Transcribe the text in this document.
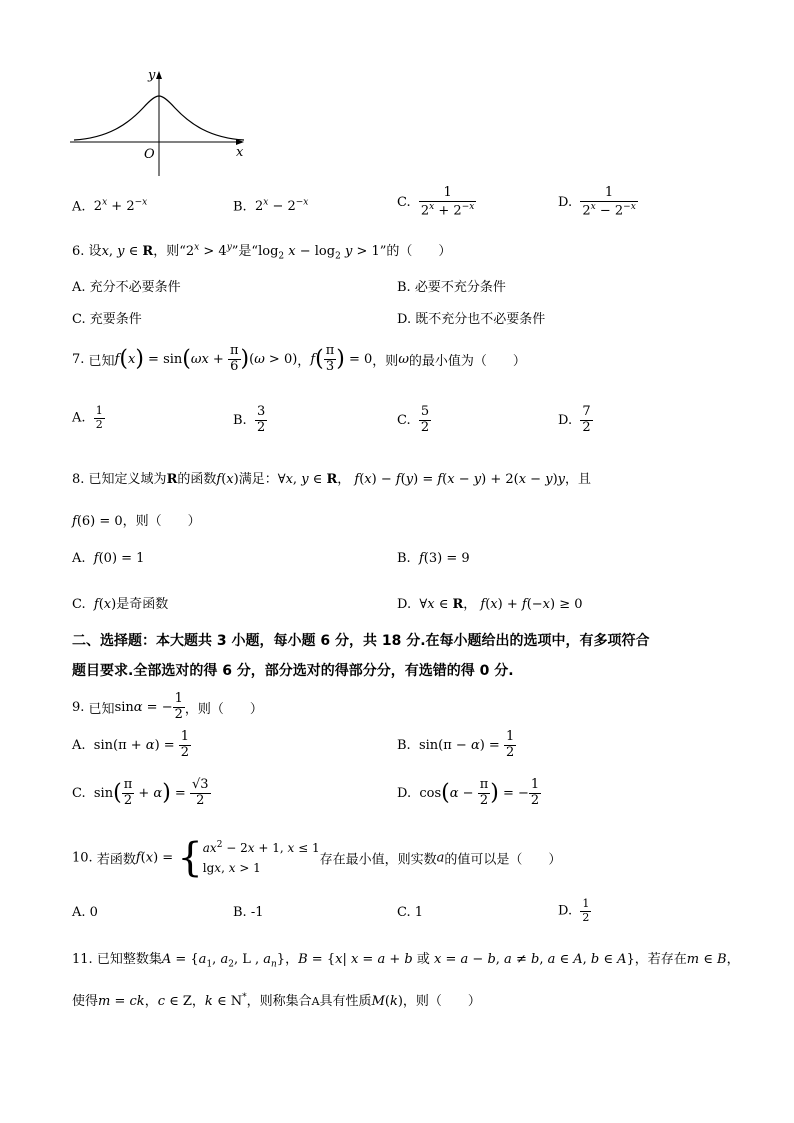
y
x
O
A. $2^x + 2^{-x}$	B. $2^x - 2^{-x}$	C. $\frac{1}{2^x + 2^{-x}}$	D. $\frac{1}{2^x - 2^{-x}}$
6. 设x, y ∈ R，则“$2^x > 4^y$”是“$\log_2$ $x - \log_2 y > 1$”的（　　）
A. 充分不必要条件	B. 必要不充分条件
C. 充要条件	D. 既不充分也不必要条件
7. 已知$f(x) = \sin(\omega x + \frac{\pi}{6} )(\omega > 0)$，$f( \frac{\pi}{3}$ ) = 0，则ω的最小值为（　　）
A. $\frac{1}{2}$	B. $\frac{3}{2}$	C. $\frac{5}{2}$	D. $\frac{7}{2}$
8. 已知定义域为R的函数f(x)满足：∀x, y ∈ R， f(x) − f(y) = f(x − y) + 2(x − y)y，且
f(6) = 0，则（　　）
A. f(0) = 1	B. f(3) = 9
C. f(x)是奇函数	D.  ∀x ∈ R， f(x) + f(−x) ≥ 0
二、选择题：本大题共 3 小题，每小题 6 分，共 18 分.在每小题给出的选项中，有多项符合
题目要求.全部选对的得 6 分，部分选对的得部分分，有选错的得 0 分.
9. 已知sinα = − $\frac{1}{2}$ ，则（　　）
A. $\sin(\pi + \alpha) = \frac{1}{2}$	B. $\sin(\pi - \alpha) = \frac{1}{2}$
C. $\sin( \frac{\pi}{2} + \alpha) = \frac{√3}{2}$	D. $\cos(\alpha - \frac{\pi}{2}$ ) = − $\frac{1}{2}$
10. 若函数f(x) = { $ax^2 - 2x + 1$, x ≤ 1
lgx, x > 1	存在最小值，则实数a的值可以是（　　）
A. 0	B. -1	C. 1	D. $\frac{1}{2}$
11. 已知整数集$A = \{a_1$, $a_2$, L , $a_n$}，B = {x| x = a + b 或 x = a − b, a ≠ b, a ∈ A, b ∈ A}，若存在m ∈ B，
使得m = ck，c ∈ Z，k ∈ N*，则称集合A具有性质M(k)，则（　　）
